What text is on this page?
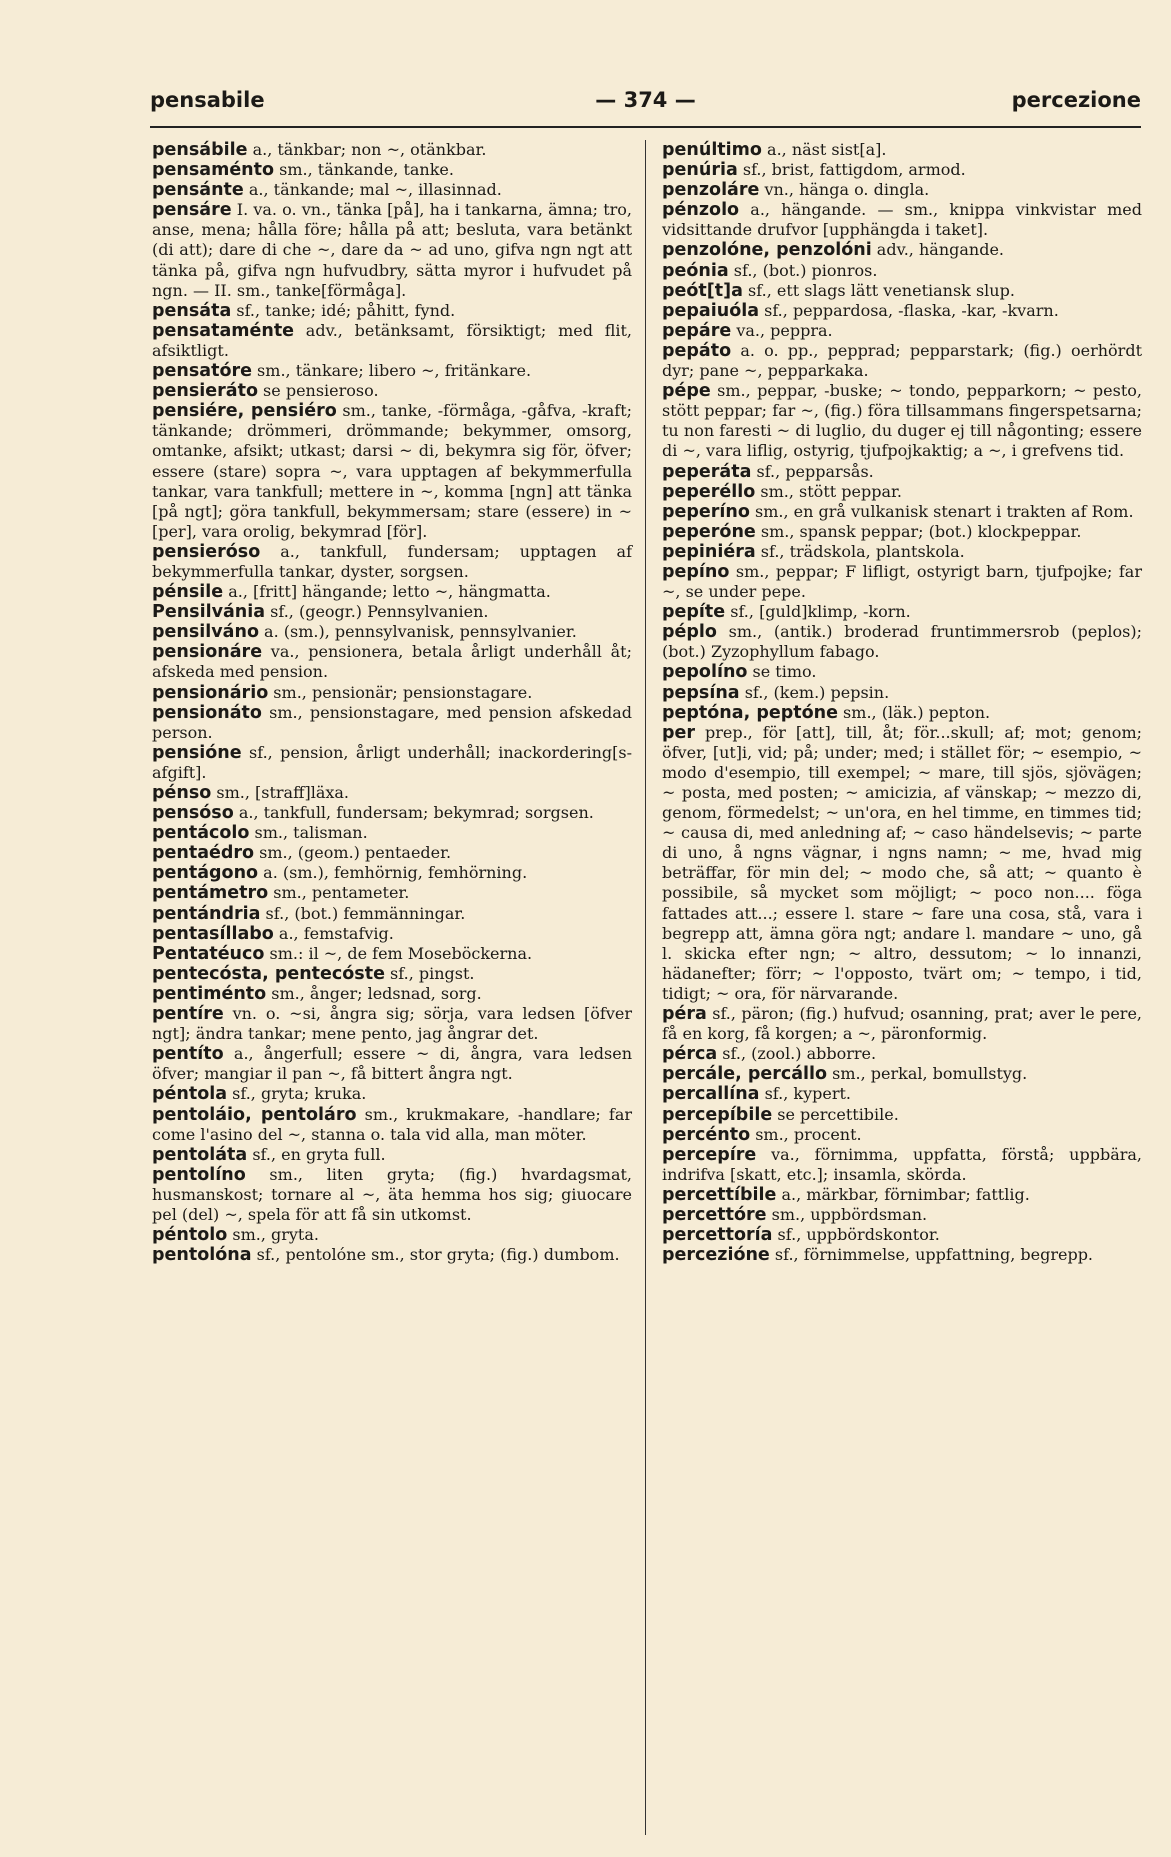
pensabile	— 374 —	percezione

pensábile a., tänkbar; non ~, otänkbar.

pensaménto sm., tänkande, tanke.

pensánte a., tänkande; mal ~, illasinnad.

pensáre I. va. o. vn., tänka [på], ha i tankarna, ämna; tro, anse, mena; hålla före; hålla på att; besluta, vara betänkt (di att); dare di che ~, dare da ~ ad uno, gifva ngn ngt att tänka på, gifva ngn hufvudbry, sätta myror i hufvudet på ngn. — II. sm., tanke[förmåga].

pensáta sf., tanke; idé; påhitt, fynd.

pensataménte adv., betänksamt, försiktigt; med flit, afsiktligt.

pensatóre sm., tänkare; libero ~, fritänkare.

pensieráto se pensieroso.

pensiére, pensiéro sm., tanke, -förmåga, -gåfva, -kraft; tänkande; drömmeri, drömmande; bekymmer, omsorg, omtanke, afsikt; utkast; darsi ~ di, bekymra sig för, öfver; essere (stare) sopra ~, vara upptagen af bekymmerfulla tankar, vara tankfull; mettere in ~, komma [ngn] att tänka [på ngt]; göra tankfull, bekymmersam; stare (essere) in ~ [per], vara orolig, bekymrad [för].

pensieróso a., tankfull, fundersam; upptagen af bekymmerfulla tankar, dyster, sorgsen.

pénsile a., [fritt] hängande; letto ~, hängmatta.

Pensilvánia sf., (geogr.) Pennsylvanien.

pensilváno a. (sm.), pennsylvanisk, pennsylvanier.

pensionáre va., pensionera, betala årligt underhåll åt; afskeda med pension.

pensionário sm., pensionär; pensionstagare.

pensionáto sm., pensionstagare, med pension afskedad person.

pensióne sf., pension, årligt underhåll; inackordering[s-afgift].

pénso sm., [straff]läxa.

pensóso a., tankfull, fundersam; bekymrad; sorgsen.

pentácolo sm., talisman.

pentaédro sm., (geom.) pentaeder.

pentágono a. (sm.), femhörnig, femhörning.

pentámetro sm., pentameter.

pentándria sf., (bot.) femmänningar.

pentasíllabo a., femstafvig.

Pentatéuco sm.: il ~, de fem Moseböckerna.

pentecósta, pentecóste sf., pingst.

pentiménto sm., ånger; ledsnad, sorg.

pentíre vn. o. ~si, ångra sig; sörja, vara ledsen [öfver ngt]; ändra tankar; mene pento, jag ångrar det.

pentíto a., ångerfull; essere ~ di, ångra, vara ledsen öfver; mangiar il pan ~, få bittert ångra ngt.

péntola sf., gryta; kruka.

pentoláio, pentoláro sm., krukmakare, -handlare; far come l'asino del ~, stanna o. tala vid alla, man möter.

pentoláta sf., en gryta full.

pentolíno sm., liten gryta; (fig.) hvardagsmat, husmanskost; tornare al ~, äta hemma hos sig; giuocare pel (del) ~, spela för att få sin utkomst.

péntolo sm., gryta.

pentolóna sf., pentolóne sm., stor gryta; (fig.) dumbom.

penúltimo a., näst sist[a].

penúria sf., brist, fattigdom, armod.

penzoláre vn., hänga o. dingla.

pénzolo a., hängande. — sm., knippa vinkvistar med vidsittande drufvor [upphängda i taket].

penzolóne, penzolóni adv., hängande.

peónia sf., (bot.) pionros.

peót[t]a sf., ett slags lätt venetiansk slup.

pepaiuóla sf., peppardosa, -flaska, -kar, -kvarn.

pepáre va., peppra.

pepáto a. o. pp., pepprad; pepparstark; (fig.) oerhördt dyr; pane ~, pepparkaka.

pépe sm., peppar, -buske; ~ tondo, pepparkorn; ~ pesto, stött peppar; far ~, (fig.) föra tillsammans fingerspetsarna; tu non faresti ~ di luglio, du duger ej till någonting; essere di ~, vara liflig, ostyrig, tjufpojkaktig; a ~, i grefvens tid.

peperáta sf., pepparsås.

peperéllo sm., stött peppar.

peperíno sm., en grå vulkanisk stenart i trakten af Rom.

peperóne sm., spansk peppar; (bot.) klockpeppar.

pepiniéra sf., trädskola, plantskola.

pepíno sm., peppar; F lifligt, ostyrigt barn, tjufpojke; far ~, se under pepe.

pepíte sf., [guld]klimp, -korn.

péplo sm., (antik.) broderad fruntimmersrob (peplos); (bot.) Zyzophyllum fabago.

pepolíno se timo.

pepsína sf., (kem.) pepsin.

peptóna, peptóne sm., (läk.) pepton.

per prep., för [att], till, åt; för...skull; af; mot; genom; öfver, [ut]i, vid; på; under; med; i stället för; ~ esempio, ~ modo d'esempio, till exempel; ~ mare, till sjös, sjövägen; ~ posta, med posten; ~ amicizia, af vänskap; ~ mezzo di, genom, förmedelst; ~ un'ora, en hel timme, en timmes tid; ~ causa di, med anledning af; ~ caso händelsevis; ~ parte di uno, å ngns vägnar, i ngns namn; ~ me, hvad mig beträffar, för min del; ~ modo che, så att; ~ quanto è possibile, så mycket som möjligt; ~ poco non.... föga fattades att...; essere l. stare ~ fare una cosa, stå, vara i begrepp att, ämna göra ngt; andare l. mandare ~ uno, gå l. skicka efter ngn; ~ altro, dessutom; ~ lo innanzi, hädanefter; förr; ~ l'opposto, tvärt om; ~ tempo, i tid, tidigt; ~ ora, för närvarande.

péra sf., päron; (fig.) hufvud; osanning, prat; aver le pere, få en korg, få korgen; a ~, päronformig.

pérca sf., (zool.) abborre.

percále, percállo sm., perkal, bomullstyg.

percallína sf., kypert.

percepíbile se percettibile.

percénto sm., procent.

percepíre va., förnimma, uppfatta, förstå; uppbära, indrifva [skatt, etc.]; insamla, skörda.

percettíbile a., märkbar, förnimbar; fattlig.

percettóre sm., uppbördsman.

percettoría sf., uppbördskontor.

percezióne sf., förnimmelse, uppfattning, begrepp.
